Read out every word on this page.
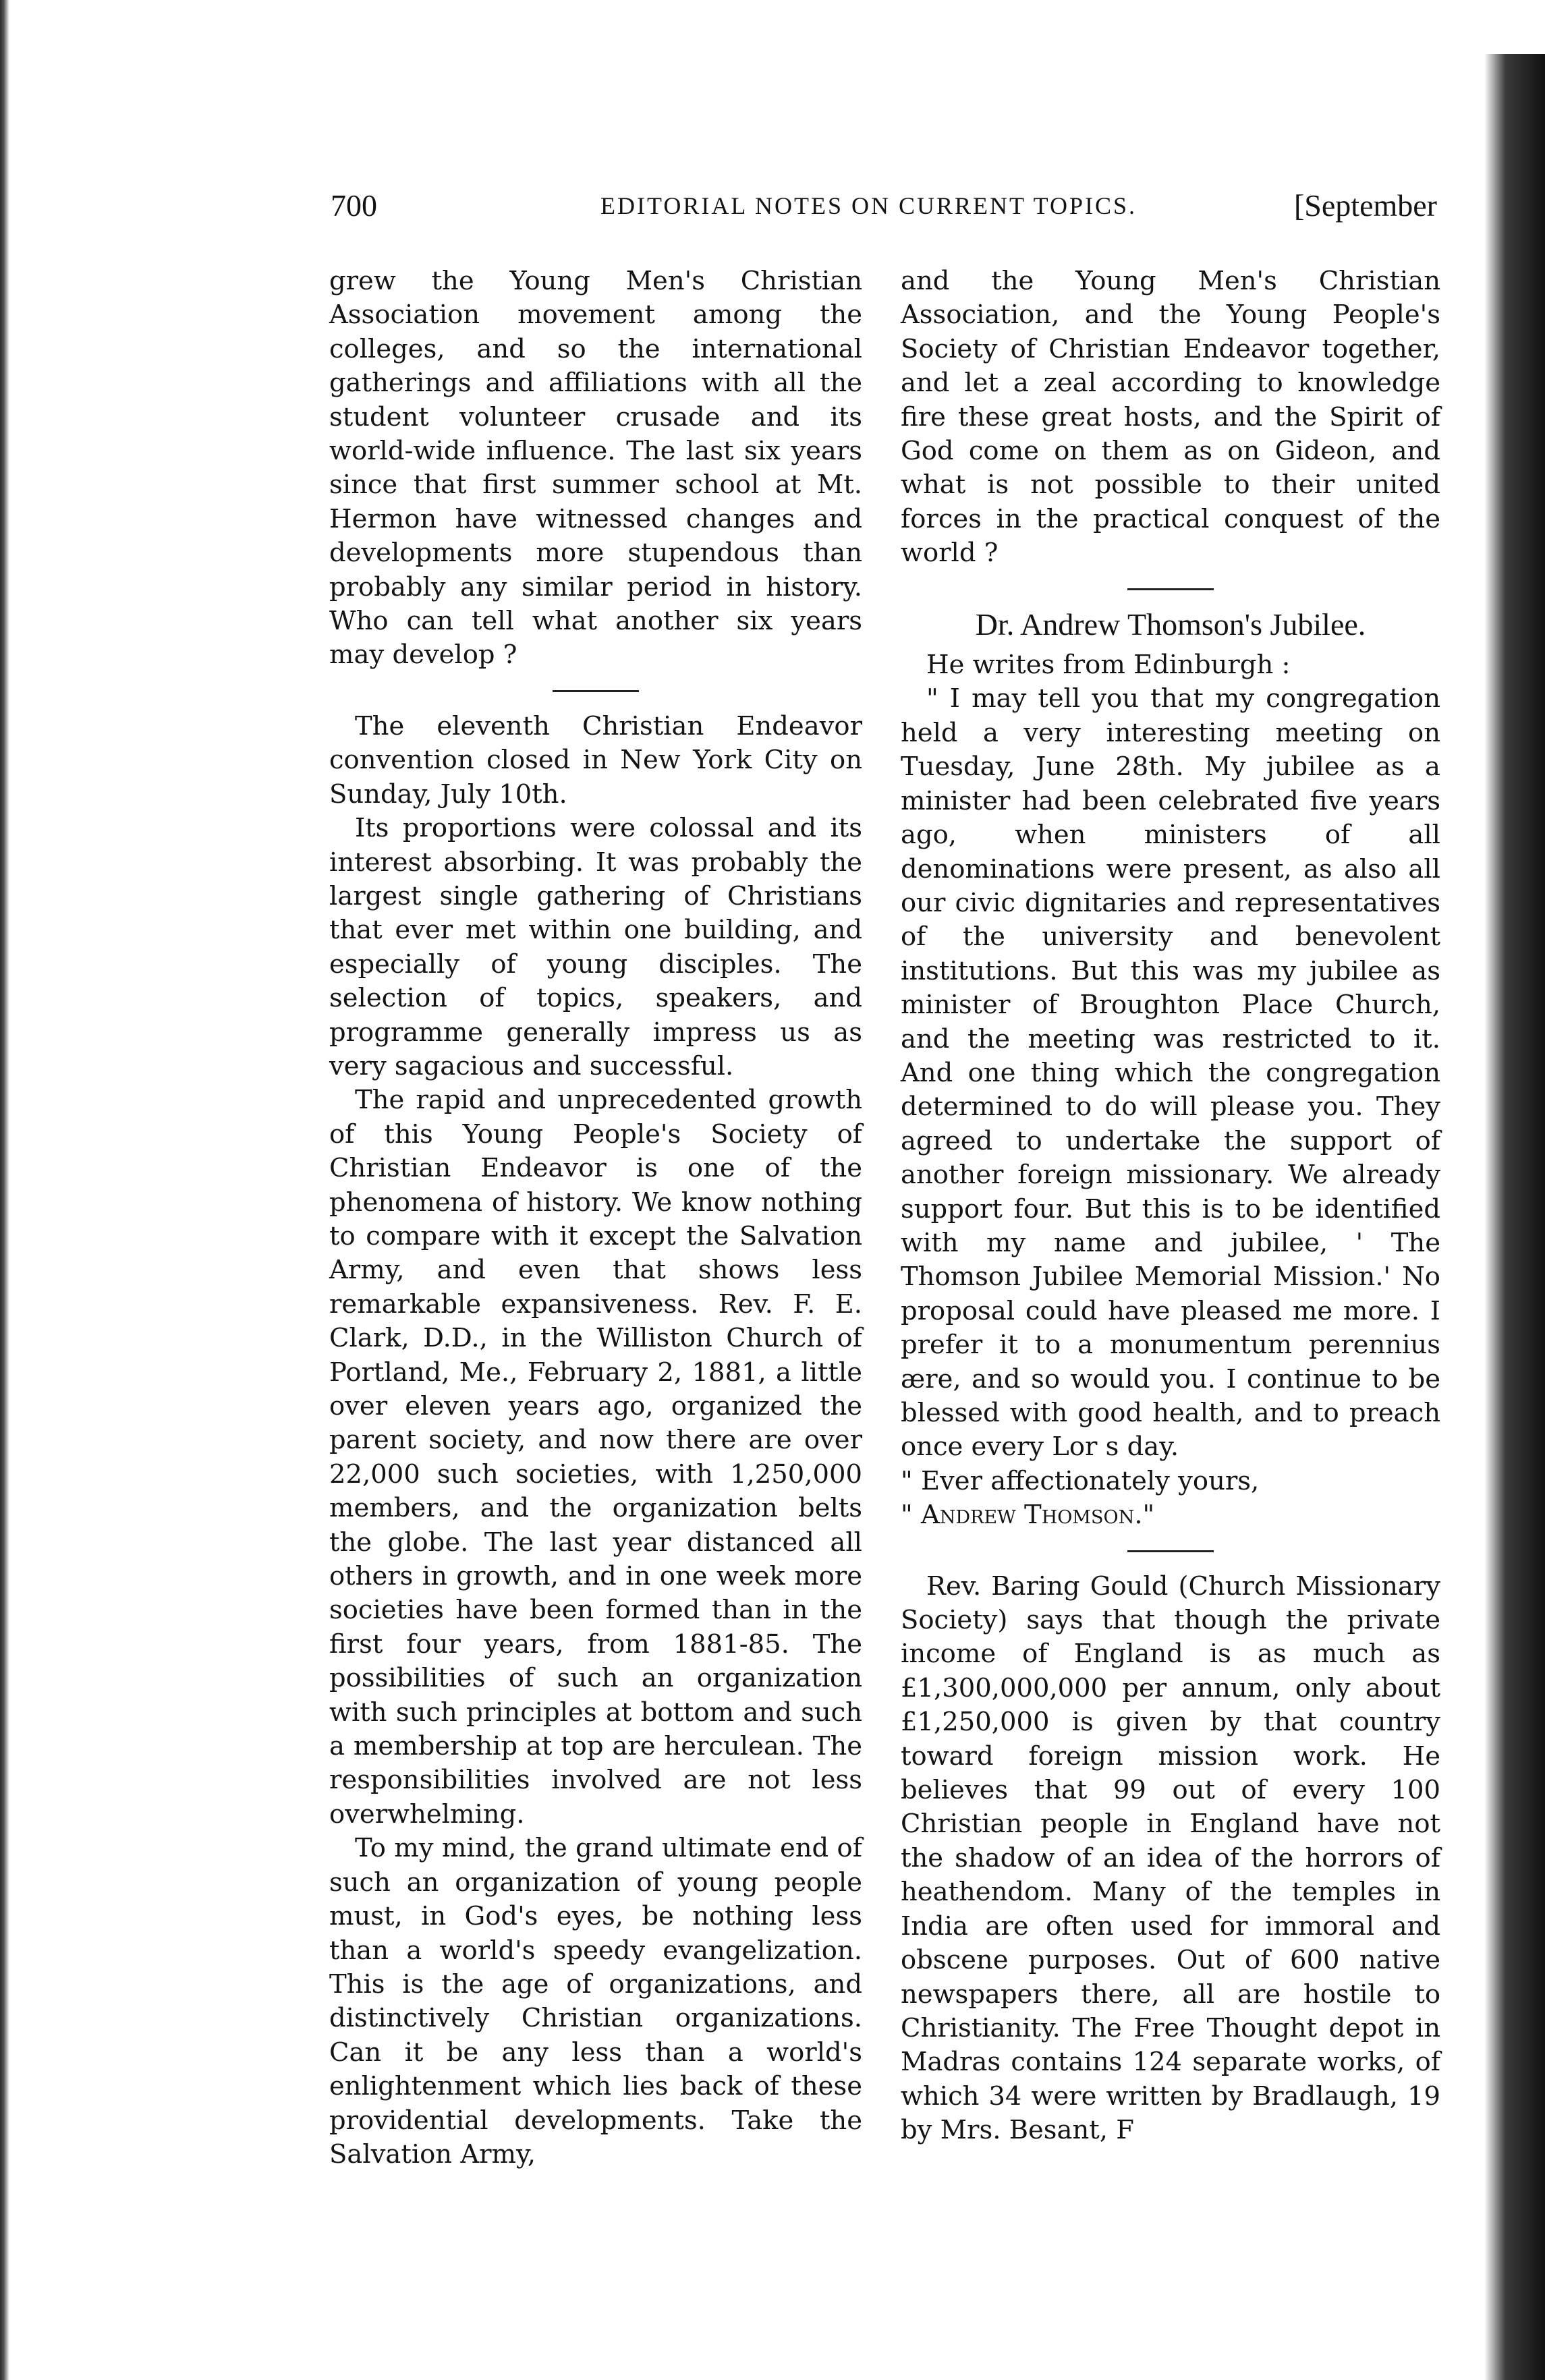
700	EDITORIAL NOTES ON CURRENT TOPICS.	[September

grew the Young Men's Christian Association movement among the colleges, and so the international gatherings and affiliations with all the student volunteer crusade and its world-wide influence. The last six years since that first summer school at Mt. Hermon have witnessed changes and developments more stupendous than probably any similar period in history. Who can tell what another six years may develop ?

The eleventh Christian Endeavor convention closed in New York City on Sunday, July 10th.

Its proportions were colossal and its interest absorbing. It was probably the largest single gathering of Christians that ever met within one building, and especially of young disciples. The selection of topics, speakers, and programme generally impress us as very sagacious and successful.

The rapid and unprecedented growth of this Young People's Society of Christian Endeavor is one of the phenomena of history. We know nothing to compare with it except the Salvation Army, and even that shows less remarkable expansiveness. Rev. F. E. Clark, D.D., in the Williston Church of Portland, Me., February 2, 1881, a little over eleven years ago, organized the parent society, and now there are over 22,000 such societies, with 1,250,000 members, and the organization belts the globe. The last year distanced all others in growth, and in one week more societies have been formed than in the first four years, from 1881-85. The possibilities of such an organization with such principles at bottom and such a membership at top are herculean. The responsibilities involved are not less overwhelming.

To my mind, the grand ultimate end of such an organization of young people must, in God's eyes, be nothing less than a world's speedy evangelization. This is the age of organizations, and distinctively Christian organizations. Can it be any less than a world's enlightenment which lies back of these providential developments. Take the Salvation Army,

and the Young Men's Christian Association, and the Young People's Society of Christian Endeavor together, and let a zeal according to knowledge fire these great hosts, and the Spirit of God come on them as on Gideon, and what is not possible to their united forces in the practical conquest of the world ?

Dr. Andrew Thomson's Jubilee.

He writes from Edinburgh :

" I may tell you that my congregation held a very interesting meeting on Tuesday, June 28th. My jubilee as a minister had been celebrated five years ago, when ministers of all denominations were present, as also all our civic dignitaries and representatives of the university and benevolent institutions. But this was my jubilee as minister of Broughton Place Church, and the meeting was restricted to it. And one thing which the congregation determined to do will please you. They agreed to undertake the support of another foreign missionary. We already support four. But this is to be identified with my name and jubilee, ' The Thomson Jubilee Memorial Mission.' No proposal could have pleased me more. I prefer it to a monumentum perennius ære, and so would you. I continue to be blessed with good health, and to preach once every Lor s day.

" Ever affectionately yours,

" Andrew Thomson."

Rev. Baring Gould (Church Missionary Society) says that though the private income of England is as much as £1,300,000,000 per annum, only about £1,250,000 is given by that country toward foreign mission work. He believes that 99 out of every 100 Christian people in England have not the shadow of an idea of the horrors of heathendom. Many of the temples in India are often used for immoral and obscene purposes. Out of 600 native newspapers there, all are hostile to Christianity. The Free Thought depot in Madras contains 124 separate works, of which 34 were written by Bradlaugh, 19 by Mrs. Besant, F
